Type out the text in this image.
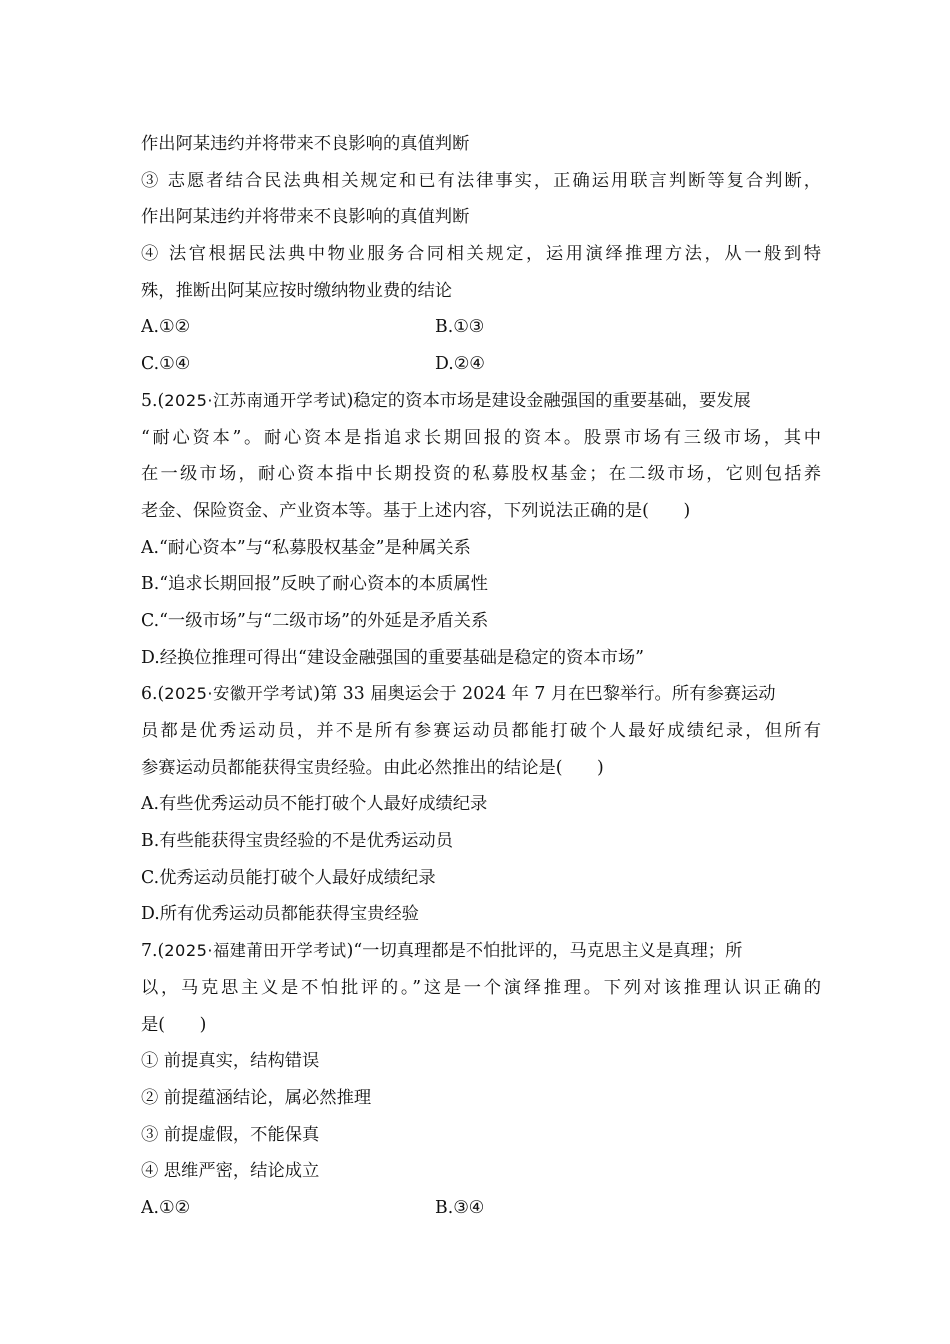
作出阿某违约并将带来不良影响的真值判断
③ 志愿者结合民法典相关规定和已有法律事实，正确运用联言判断等复合判断，
作出阿某违约并将带来不良影响的真值判断
④ 法官根据民法典中物业服务合同相关规定，运用演绎推理方法，从一般到特
殊，推断出阿某应按时缴纳物业费的结论
A.①②	B.①③
C.①④	D.②④
5.(2025·江苏南通开学考试)稳定的资本市场是建设金融强国的重要基础，要发展
“耐心资本”。耐心资本是指追求长期回报的资本。股票市场有三级市场，其中
在一级市场，耐心资本指中长期投资的私募股权基金；在二级市场，它则包括养
老金、保险资金、产业资本等。基于上述内容，下列说法正确的是(　　)
A.“耐心资本”与“私募股权基金”是种属关系
B.“追求长期回报”反映了耐心资本的本质属性
C.“一级市场”与“二级市场”的外延是矛盾关系
D.经换位推理可得出“建设金融强国的重要基础是稳定的资本市场”
6.(2025·安徽开学考试)第 33 届奥运会于 2024 年 7 月在巴黎举行。所有参赛运动
员都是优秀运动员，并不是所有参赛运动员都能打破个人最好成绩纪录，但所有
参赛运动员都能获得宝贵经验。由此必然推出的结论是(　　)
A.有些优秀运动员不能打破个人最好成绩纪录
B.有些能获得宝贵经验的不是优秀运动员
C.优秀运动员能打破个人最好成绩纪录
D.所有优秀运动员都能获得宝贵经验
7.(2025·福建莆田开学考试)“一切真理都是不怕批评的，马克思主义是真理；所
以，马克思主义是不怕批评的。”这是一个演绎推理。下列对该推理认识正确的
是(　　)
① 前提真实，结构错误
② 前提蕴涵结论，属必然推理
③ 前提虚假，不能保真
④ 思维严密，结论成立
A.①②	B.③④
